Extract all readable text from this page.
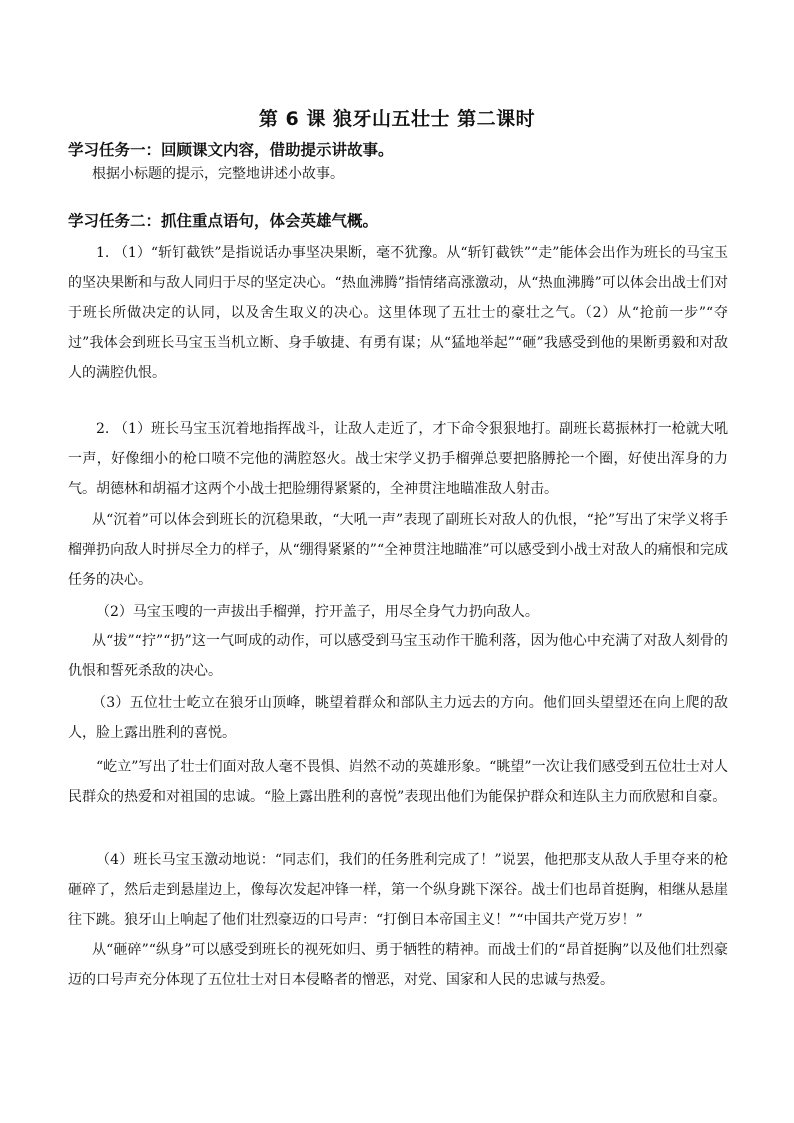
第 6 课 狼牙山五壮士 第二课时
学习任务一：回顾课文内容，借助提示讲故事。
根据小标题的提示，完整地讲述小故事。
学习任务二：抓住重点语句，体会英雄气概。

1. （1）“斩钉截铁”是指说话办事坚决果断，毫不犹豫。从“斩钉截铁”“走”能体会出作为班长的马宝玉的坚决果断和与敌人同归于尽的坚定决心。“热血沸腾”指情绪高涨激动，从“热血沸腾”可以体会出战士们对于班长所做决定的认同，以及舍生取义的决心。这里体现了五壮士的豪壮之气。（2）从“抢前一步”“夺过”我体会到班长马宝玉当机立断、身手敏捷、有勇有谋；从“猛地举起”“砸”我感受到他的果断勇毅和对敌人的满腔仇恨。

2. （1）班长马宝玉沉着地指挥战斗，让敌人走近了，才下命令狠狠地打。副班长葛振林打一枪就大吼一声，好像细小的枪口喷不完他的满腔怒火。战士宋学义扔手榴弹总要把胳膊抡一个圈，好使出浑身的力气。胡德林和胡福才这两个小战士把脸绷得紧紧的，全神贯注地瞄准敌人射击。

从“沉着”可以体会到班长的沉稳果敢，“大吼一声”表现了副班长对敌人的仇恨，“抡”写出了宋学义将手榴弹扔向敌人时拼尽全力的样子，从“绷得紧紧的”“全神贯注地瞄准”可以感受到小战士对敌人的痛恨和完成任务的决心。

（2）马宝玉嗖的一声拔出手榴弹，拧开盖子，用尽全身气力扔向敌人。

从“拔”“拧”“扔”这一气呵成的动作，可以感受到马宝玉动作干脆利落，因为他心中充满了对敌人刻骨的仇恨和誓死杀敌的决心。

（3）五位壮士屹立在狼牙山顶峰，眺望着群众和部队主力远去的方向。他们回头望望还在向上爬的敌人，脸上露出胜利的喜悦。

“屹立”写出了壮士们面对敌人毫不畏惧、岿然不动的英雄形象。“眺望”一次让我们感受到五位壮士对人民群众的热爱和对祖国的忠诚。“脸上露出胜利的喜悦”表现出他们为能保护群众和连队主力而欣慰和自豪。

（4）班长马宝玉激动地说：“同志们，我们的任务胜利完成了！”说罢，他把那支从敌人手里夺来的枪砸碎了，然后走到悬崖边上，像每次发起冲锋一样，第一个纵身跳下深谷。战士们也昂首挺胸，相继从悬崖往下跳。狼牙山上响起了他们壮烈豪迈的口号声：“打倒日本帝国主义！”“中国共产党万岁！”

从“砸碎”“纵身”可以感受到班长的视死如归、勇于牺牲的精神。而战士们的“昂首挺胸”以及他们壮烈豪迈的口号声充分体现了五位壮士对日本侵略者的憎恶，对党、国家和人民的忠诚与热爱。
